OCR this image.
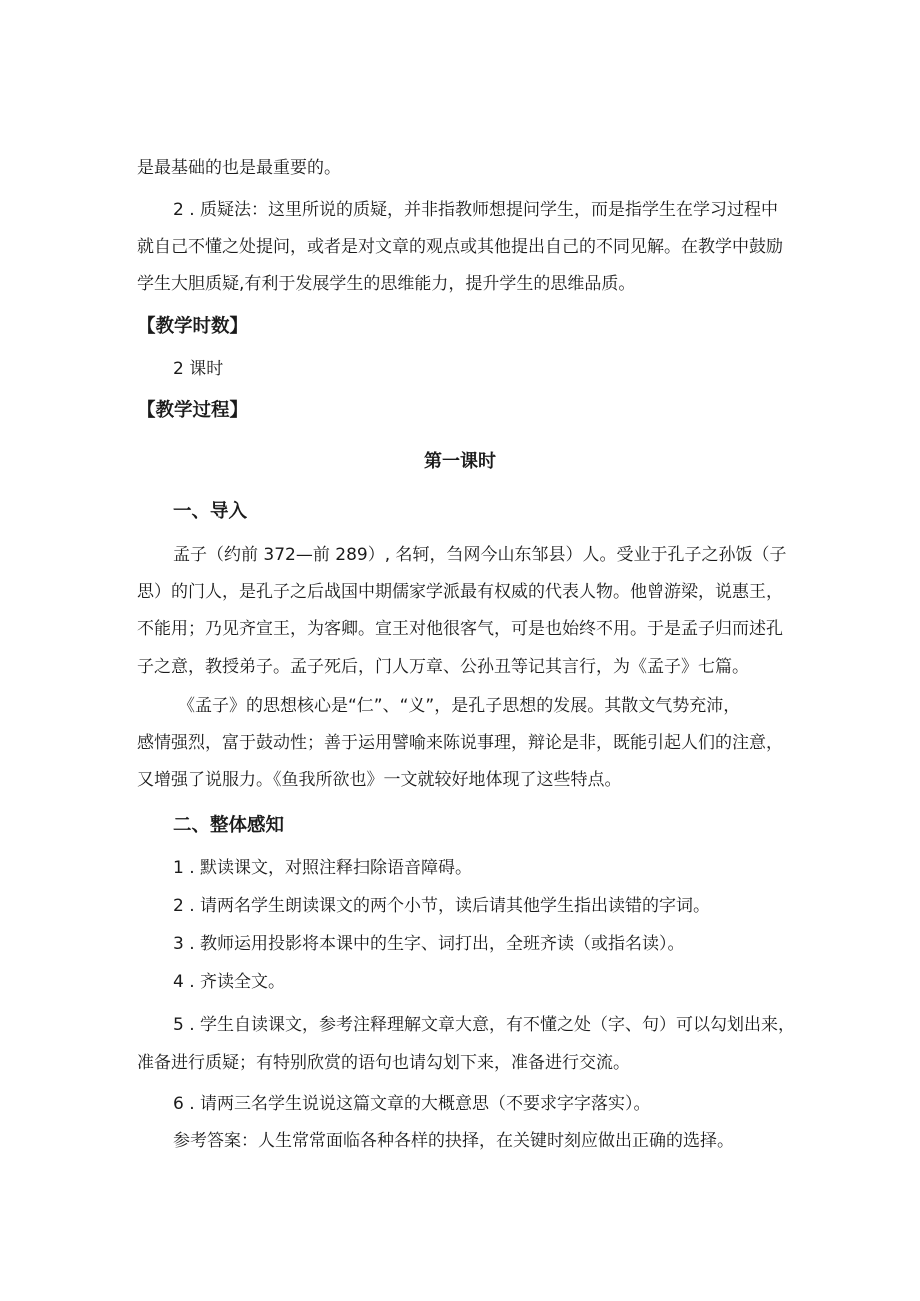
是最基础的也是最重要的。
2 . 质疑法：这里所说的质疑，并非指教师想提问学生，而是指学生在学习过程中
就自己不懂之处提问，或者是对文章的观点或其他提出自己的不同见解。在教学中鼓励
学生大胆质疑,有利于发展学生的思维能力，提升学生的思维品质。
【教学时数】
2 课时
【教学过程】
第一课时
一、导入
孟子（约前 372—前 289）, 名轲，刍网今山东邹县）人。受业于孔子之孙饭（子
思）的门人，是孔子之后战国中期儒家学派最有权威的代表人物。他曾游梁，说惠王，
不能用；乃见齐宣王，为客卿。宣王对他很客气，可是也始终不用。于是孟子归而述孔
子之意，教授弟子。孟子死后，门人万章、公孙丑等记其言行，为《孟子》七篇。
《孟子》的思想核心是“仁”、“义”，是孔子思想的发展。其散文气势充沛，
感情强烈，富于鼓动性；善于运用譬喻来陈说事理，辩论是非，既能引起人们的注意，
又增强了说服力。《鱼我所欲也》一文就较好地体现了这些特点。
二、整体感知
1 . 默读课文，对照注释扫除语音障碍。
2 . 请两名学生朗读课文的两个小节，读后请其他学生指出读错的字词。
3 . 教师运用投影将本课中的生字、词打出，全班齐读（或指名读）。
4 . 齐读全文。
5 . 学生自读课文，参考注释理解文章大意，有不懂之处（字、句）可以勾划出来，
准备进行质疑；有特别欣赏的语句也请勾划下来，准备进行交流。
6 . 请两三名学生说说这篇文章的大概意思（不要求字字落实）。
参考答案：人生常常面临各种各样的抉择，在关键时刻应做出正确的选择。
